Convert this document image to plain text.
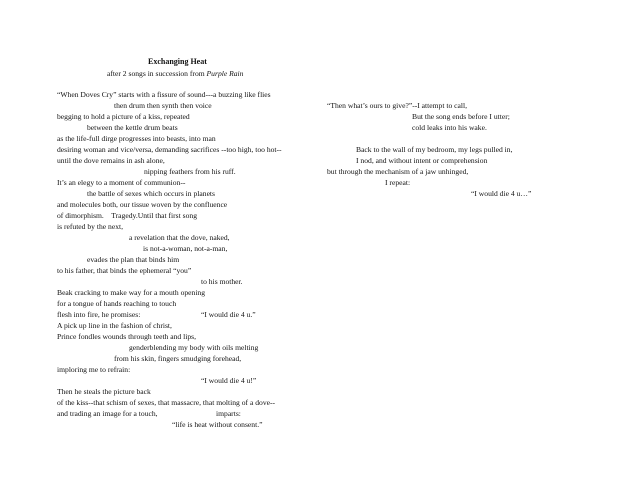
Exchanging Heat
after 2 songs in succession from Purple Rain
“When Doves Cry” starts with a fissure of sound---a buzzing like flies
then drum then synth then voice
begging to hold a picture of a kiss, repeated
between the kettle drum beats
as the life-full dirge progresses into beasts, into man
desiring woman and vice/versa, demanding sacrifices --too high, too hot--
until the dove remains in ash alone,
nipping feathers from his ruff.
It’s an elegy to a moment of communion--
the battle of sexes which occurs in planets
and molecules both, our tissue woven by the confluence
of dimorphism.    Tragedy.Until that first song
is refuted by the next,
a revelation that the dove, naked,
is not-a-woman, not-a-man,
evades the plan that binds him
to his father, that binds the ephemeral “you”
to his mother.
Beak cracking to make way for a mouth opening
for a tongue of hands reaching to touch
flesh into fire, he promises:	“I would die 4 u.”
A pick up line in the fashion of christ,
Prince fondles wounds through teeth and lips,
genderblending my body with oils melting
from his skin, fingers smudging forehead,
imploring me to refrain:
“I would die 4 u!”
Then he steals the picture back
of the kiss--that schism of sexes, that massacre, that molting of a dove--
and trading an image for a touch,	imparts:
“life is heat without consent.”
“Then what’s ours to give?”--I attempt to call,
But the song ends before I utter;
cold leaks into his wake.
Back to the wall of my bedroom, my legs pulled in,
I nod, and without intent or comprehension
but through the mechanism of a jaw unhinged,
I repeat:
“I would die 4 u…”
